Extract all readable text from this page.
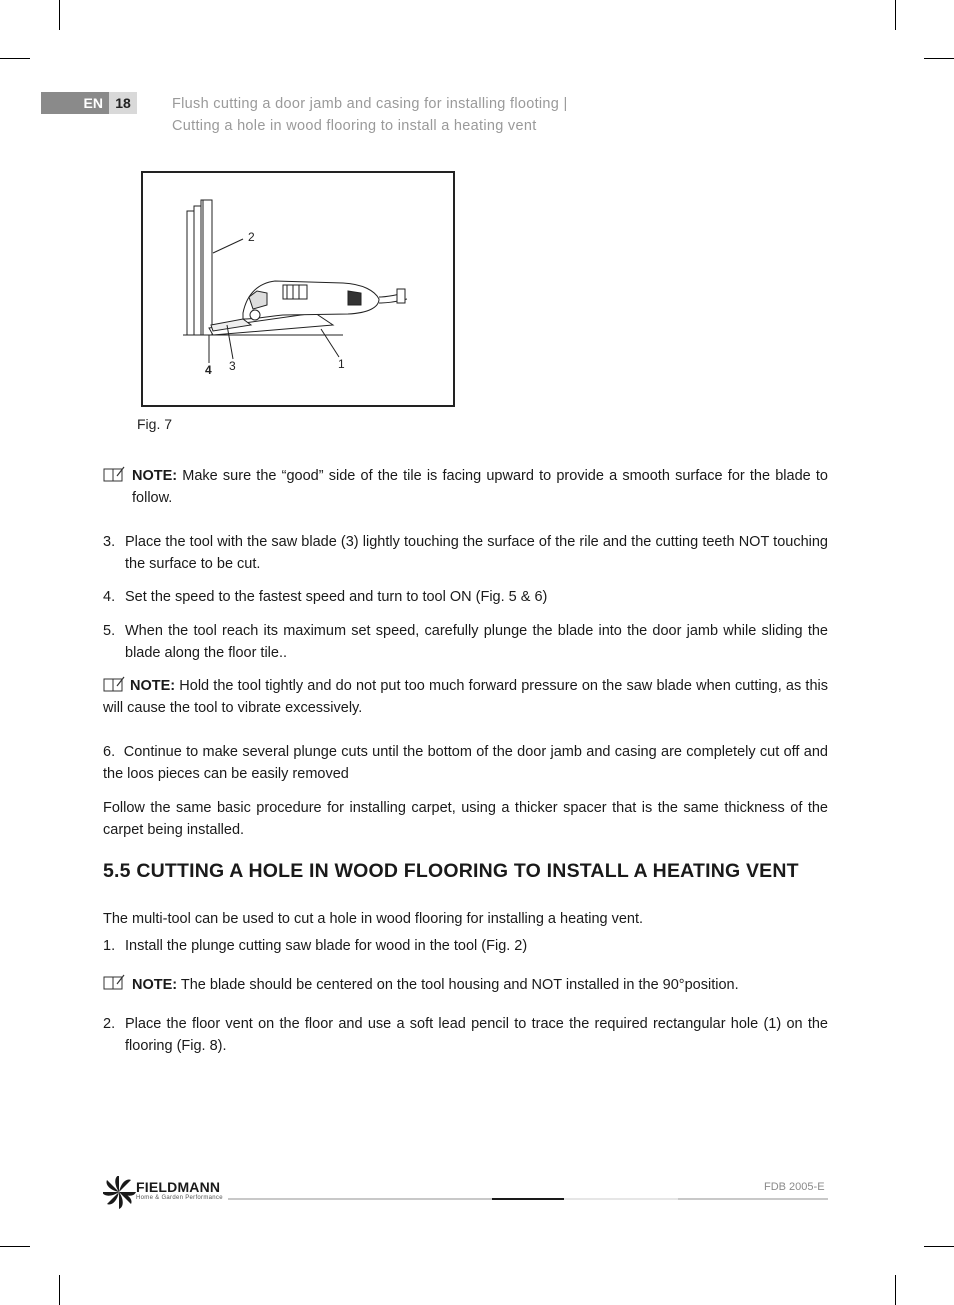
EN 18	Flush cutting a door jamb and casing for installing flooting |
Cutting a hole in wood flooring to install a heating vent
2
1
4 3
Fig. 7
NOTE: Make sure the “good” side of the tile is facing upward to provide a smooth surface for the blade to follow.
3. Place the tool with the saw blade (3) lightly touching the surface of the rile and the cutting teeth NOT touching the surface to be cut.
4. Set the speed to the fastest speed and turn to tool ON (Fig. 5 & 6)
5. When the tool reach its maximum set speed, carefully plunge the blade into the door jamb while sliding the blade along the floor tile..
NOTE: Hold the tool tightly and do not put too much forward pressure on the saw blade when cutting, as this will cause the tool to vibrate excessively.
6. Continue to make several plunge cuts until the bottom of the door jamb and casing are completely cut off and the loos pieces can be easily removed
Follow the same basic procedure for installing carpet, using a thicker spacer that is the same thickness of the carpet being installed.
5.5 CUTTING A HOLE IN WOOD FLOORING TO INSTALL A HEATING VENT
The multi-tool can be used to cut a hole in wood flooring for installing a heating vent.
1. Install the plunge cutting saw blade for wood in the tool (Fig. 2)
NOTE: The blade should be centered on the tool housing and NOT installed in the 90°position.
2. Place the floor vent on the floor and use a soft lead pencil to trace the required rectangular hole (1) on the flooring (Fig. 8).
FIELDMANN
Home & Garden Performance
FDB 2005-E
